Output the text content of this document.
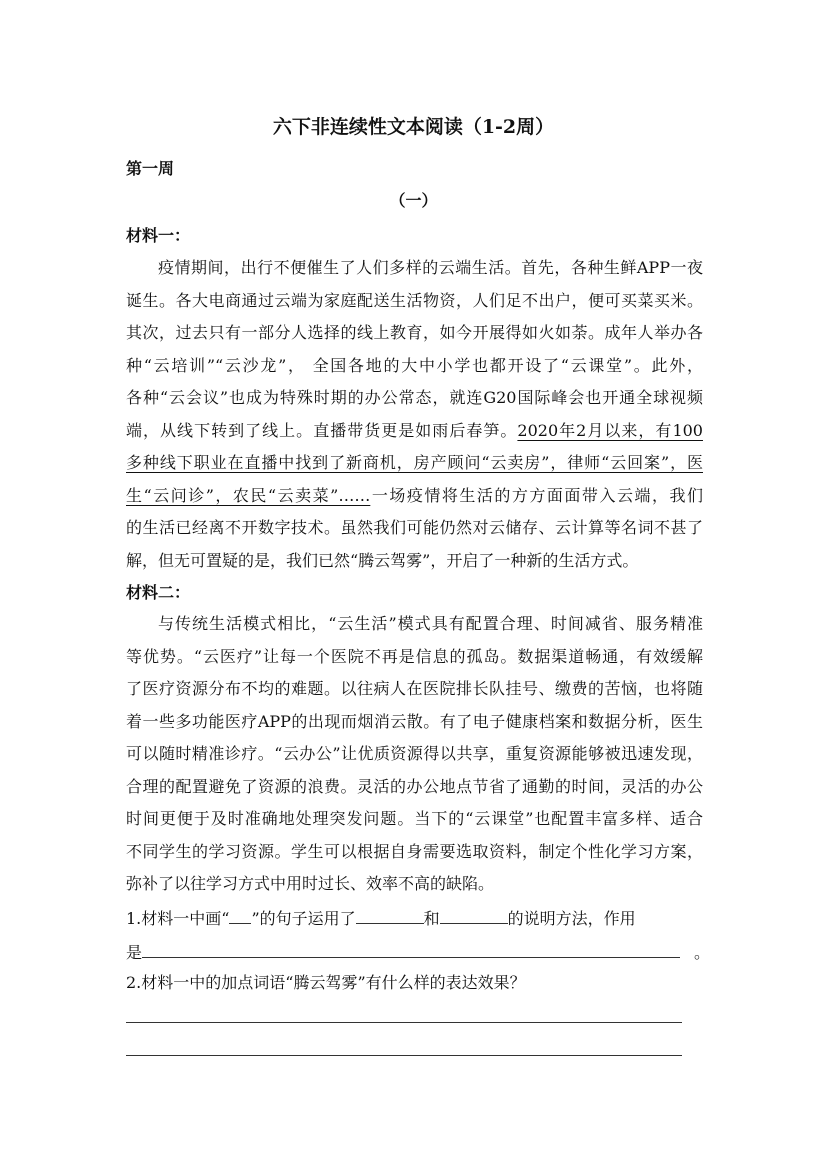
六下非连续性文本阅读（1-2周）
第一周
（一）
材料一：
疫情期间，出行不便催生了人们多样的云端生活。首先，各种生鲜APP一夜
诞生。各大电商通过云端为家庭配送生活物资，人们足不出户，便可买菜买米。
其次，过去只有一部分人选择的线上教育，如今开展得如火如荼。成年人举办各
种“云培训”“云沙龙”， 全国各地的大中小学也都开设了“云课堂”。此外，
各种“云会议”也成为特殊时期的办公常态，就连G20国际峰会也开通全球视频
端，从线下转到了线上。直播带货更是如雨后春笋。2020年2月以来，有100
多种线下职业在直播中找到了新商机，房产顾问“云卖房”，律师“云回案”，医
生“云问诊”，农民“云卖菜”……一场疫情将生活的方方面面带入云端，我们
的生活已经离不开数字技术。虽然我们可能仍然对云储存、云计算等名词不甚了
解，但无可置疑的是，我们已然“腾云驾雾”，开启了一种新的生活方式。
材料二：
与传统生活模式相比，“云生活”模式具有配置合理、时间减省、服务精准
等优势。“云医疗”让每一个医院不再是信息的孤岛。数据渠道畅通，有效缓解
了医疗资源分布不均的难题。以往病人在医院排长队挂号、缴费的苦恼，也将随
着一些多功能医疗APP的出现而烟消云散。有了电子健康档案和数据分析，医生
可以随时精准诊疗。“云办公”让优质资源得以共享，重复资源能够被迅速发现，
合理的配置避免了资源的浪费。灵活的办公地点节省了通勤的时间，灵活的办公
时间更便于及时准确地处理突发问题。当下的“云课堂”也配置丰富多样、适合
不同学生的学习资源。学生可以根据自身需要选取资料，制定个性化学习方案，
弥补了以往学习方式中用时过长、效率不高的缺陷。
1.材料一中画“ ”的句子运用了	和	的说明方法，作用
是	。
2.材料一中的加点词语“腾云驾雾”有什么样的表达效果？
